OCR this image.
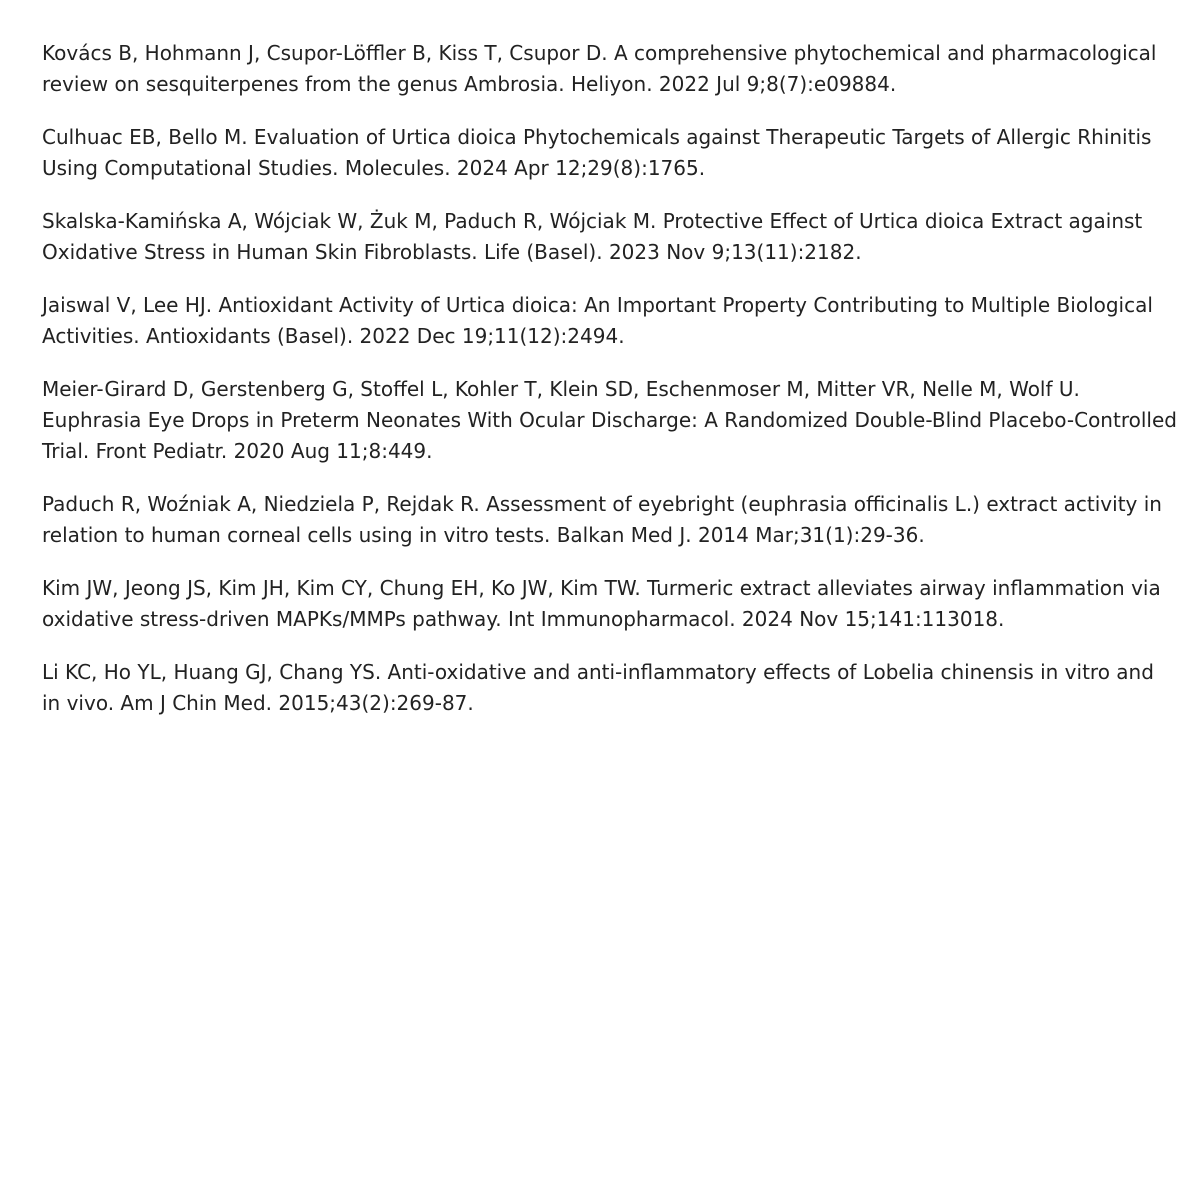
Kovács B, Hohmann J, Csupor-Löffler B, Kiss T, Csupor D. A comprehensive phytochemical and pharmacological review on sesquiterpenes from the genus Ambrosia. Heliyon. 2022 Jul 9;8(7):e09884.

Culhuac EB, Bello M. Evaluation of Urtica dioica Phytochemicals against Therapeutic Targets of Allergic Rhinitis Using Computational Studies. Molecules. 2024 Apr 12;29(8):1765.

Skalska-Kamińska A, Wójciak W, Żuk M, Paduch R, Wójciak M. Protective Effect of Urtica dioica Extract against Oxidative Stress in Human Skin Fibroblasts. Life (Basel). 2023 Nov 9;13(11):2182.

Jaiswal V, Lee HJ. Antioxidant Activity of Urtica dioica: An Important Property Contributing to Multiple Biological Activities. Antioxidants (Basel). 2022 Dec 19;11(12):2494.

Meier-Girard D, Gerstenberg G, Stoffel L, Kohler T, Klein SD, Eschenmoser M, Mitter VR, Nelle M, Wolf U. Euphrasia Eye Drops in Preterm Neonates With Ocular Discharge: A Randomized Double-Blind Placebo-Controlled Trial. Front Pediatr. 2020 Aug 11;8:449.

Paduch R, Woźniak A, Niedziela P, Rejdak R. Assessment of eyebright (euphrasia officinalis L.) extract activity in relation to human corneal cells using in vitro tests. Balkan Med J. 2014 Mar;31(1):29-36.

Kim JW, Jeong JS, Kim JH, Kim CY, Chung EH, Ko JW, Kim TW. Turmeric extract alleviates airway inflammation via oxidative stress-driven MAPKs/MMPs pathway. Int Immunopharmacol. 2024 Nov 15;141:113018.

Li KC, Ho YL, Huang GJ, Chang YS. Anti-oxidative and anti-inflammatory effects of Lobelia chinensis in vitro and in vivo. Am J Chin Med. 2015;43(2):269-87.
